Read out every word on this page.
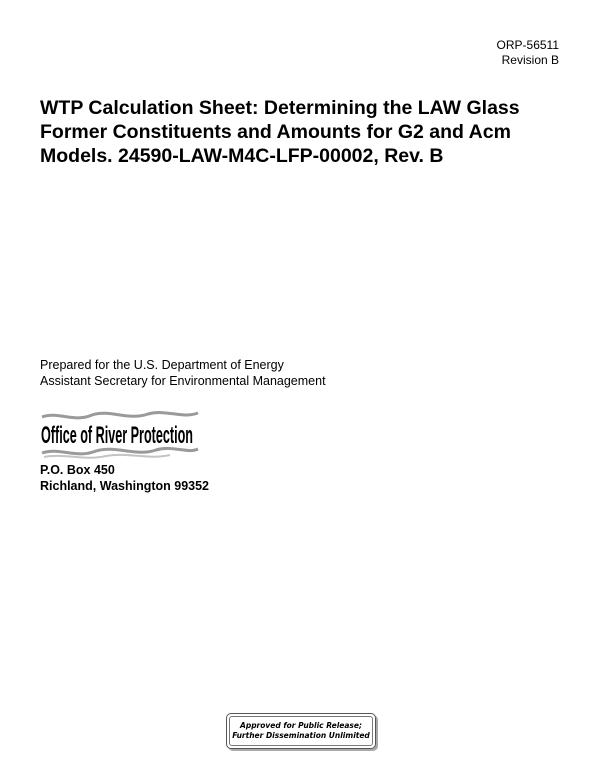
ORP-56511
Revision B
WTP Calculation Sheet: Determining the LAW Glass Former Constituents and Amounts for G2 and Acm Models. 24590-LAW-M4C-LFP-00002, Rev. B
Prepared for the U.S. Department of Energy
Assistant Secretary for Environmental Management
Office of River Protection
P.O. Box 450
Richland, Washington 99352
Approved for Public Release;
Further Dissemination Unlimited
